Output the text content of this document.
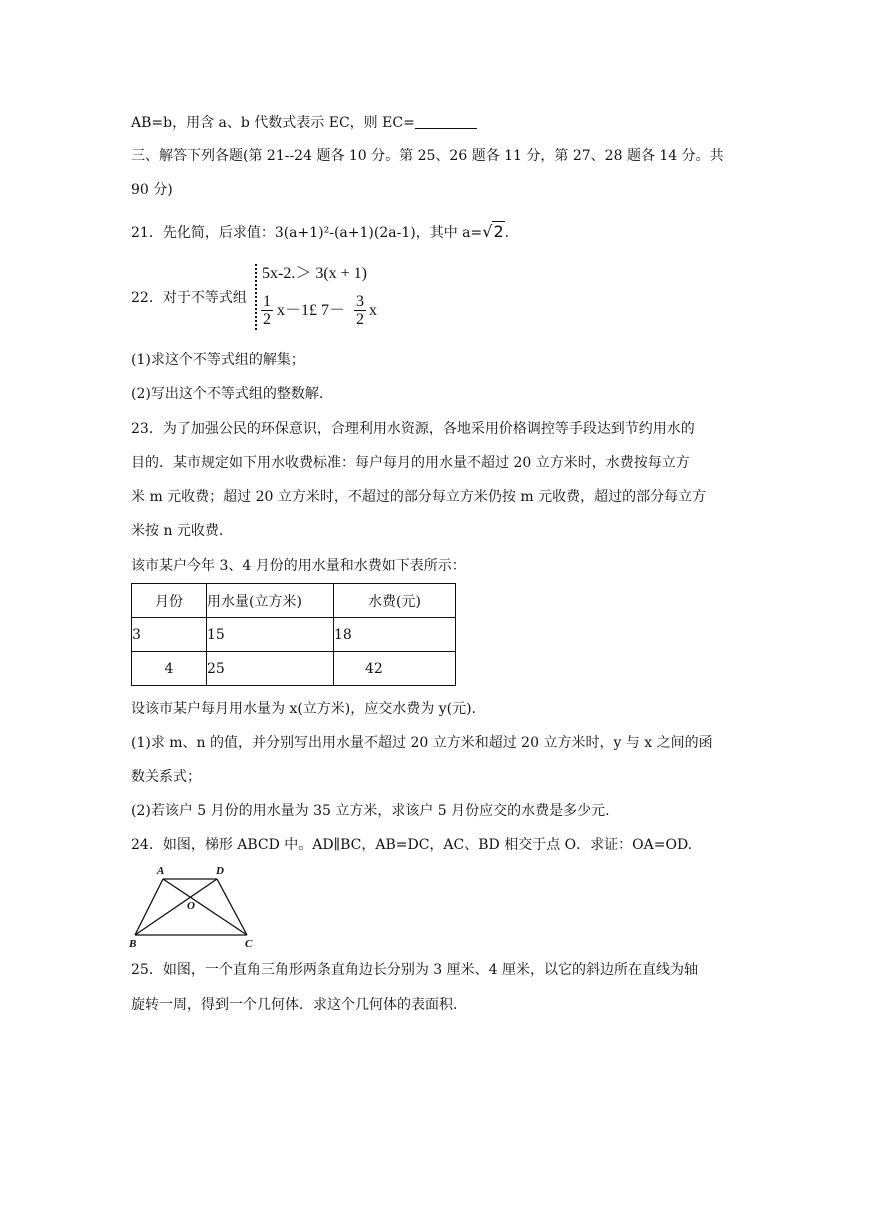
AB=b，用含 a、b 代数式表示 EC，则 EC=
三、解答下列各题(第 21--24 题各 10 分。第 25、26 题各 11 分，第 27、28 题各 14 分。共
90 分)
21．先化简，后求值：3(a+1)²-(a+1)(2a-1)，其中 a=√2.
22．对于不等式组
5x-2.＞ 3(x + 1)
$\frac{1}{2}$ x－1£ $7- \frac{3}{2}$ x
(1)求这个不等式组的解集；
(2)写出这个不等式组的整数解.
23．为了加强公民的环保意识，合理利用水资源，各地采用价格调控等手段达到节约用水的
目的．某市规定如下用水收费标准：每户每月的用水量不超过 20 立方米时，水费按每立方
米 m 元收费；超过 20 立方米时，不超过的部分每立方米仍按 m 元收费，超过的部分每立方
米按 n 元收费．
该市某户今年 3、4 月份的用水量和水费如下表所示：
月份	用水量(立方米)	水费(元)
3	15	18
4	25	42
设该市某户每月用水量为 x(立方米)，应交水费为 y(元).
(1)求 m、n 的值，并分别写出用水量不超过 20 立方米和超过 20 立方米时，y 与 x 之间的函
数关系式；
(2)若该户 5 月份的用水量为 35 立方米，求该户 5 月份应交的水费是多少元.
24．如图，梯形 ABCD 中。AD∥BC，AB=DC，AC、BD 相交于点 O．求证：OA=OD.
A	D
O
B	C
25．如图，一个直角三角形两条直角边长分别为 3 厘米、4 厘米，以它的斜边所在直线为轴
旋转一周，得到一个几何体．求这个几何体的表面积.
